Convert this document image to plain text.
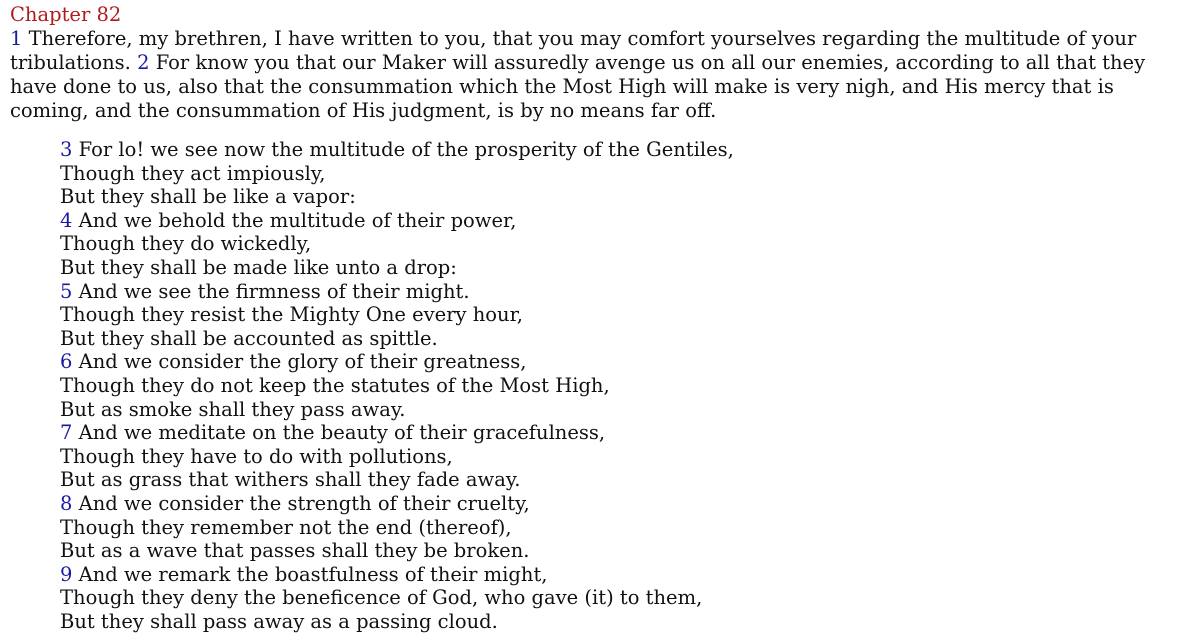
Chapter 82
1 Therefore, my brethren, I have written to you, that you may comfort yourselves regarding the multitude of your tribulations. 2 For know you that our Maker will assuredly avenge us on all our enemies, according to all that they have done to us, also that the consummation which the Most High will make is very nigh, and His mercy that is coming, and the consummation of His judgment, is by no means far off.
3 For lo! we see now the multitude of the prosperity of the Gentiles,
Though they act impiously,
But they shall be like a vapor:
4 And we behold the multitude of their power,
Though they do wickedly,
But they shall be made like unto a drop:
5 And we see the firmness of their might.
Though they resist the Mighty One every hour,
But they shall be accounted as spittle.
6 And we consider the glory of their greatness,
Though they do not keep the statutes of the Most High,
But as smoke shall they pass away.
7 And we meditate on the beauty of their gracefulness,
Though they have to do with pollutions,
But as grass that withers shall they fade away.
8 And we consider the strength of their cruelty,
Though they remember not the end (thereof),
But as a wave that passes shall they be broken.
9 And we remark the boastfulness of their might,
Though they deny the beneficence of God, who gave (it) to them,
But they shall pass away as a passing cloud.
